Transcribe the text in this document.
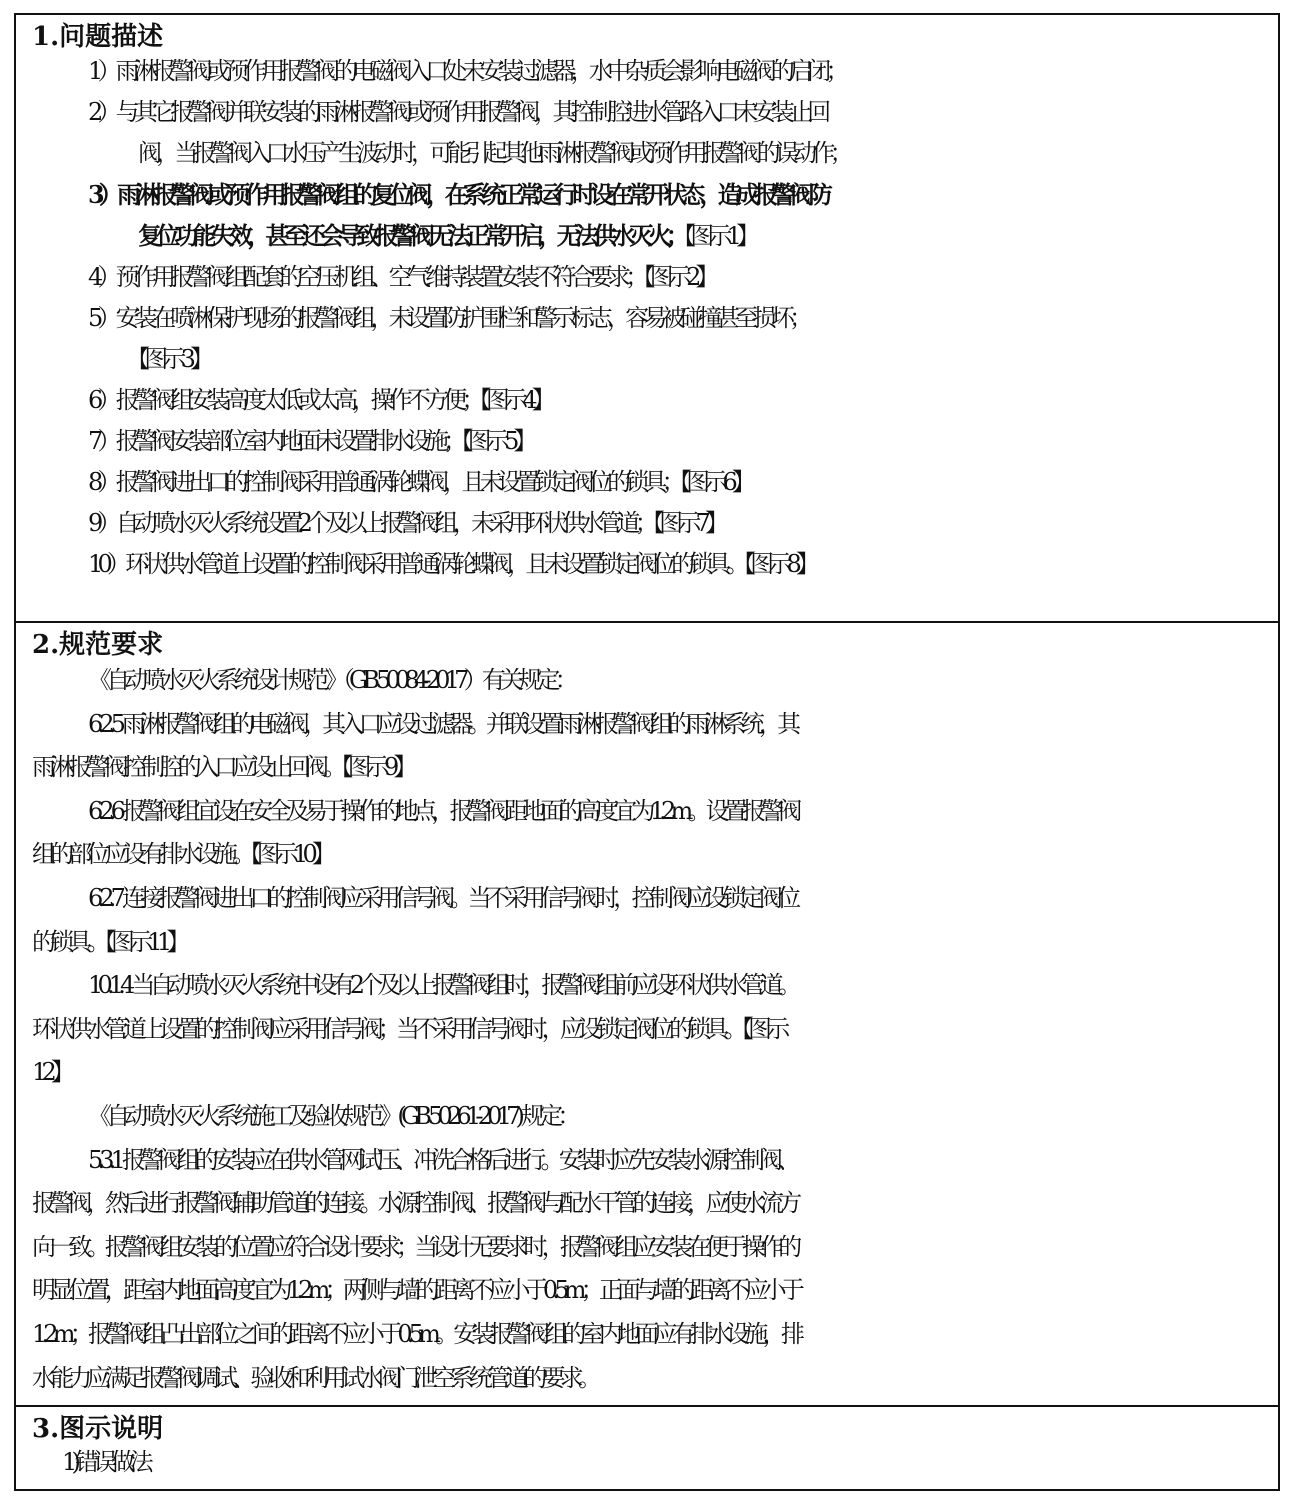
1.问题描述
1）雨淋报警阀或预作用报警阀的电磁阀入口处未安装过滤器，水中杂质会影响电磁阀的启闭；
2）与其它报警阀并联安装的雨淋报警阀或预作用报警阀，其控制腔进水管路入口未安装止回
阀，当报警阀入口水压产生波动时，可能引起其他雨淋报警阀或预作用报警阀的误动作；
3）雨淋报警阀或预作用报警阀组的复位阀，在系统正常运行时设在常开状态，造成报警阀防
复位功能失效，甚至还会导致报警阀无法正常开启，无法供水灭火；【图示1】
4）预作用报警阀组配套的空压机组、空气维持装置安装不符合要求；【图示2】
5）安装在喷淋保护现场的报警阀组，未设置防护围栏和警示标志，容易被碰撞甚至损坏；
【图示3】
6）报警阀组安装高度太低或太高，操作不方便；【图示4】
7）报警阀安装部位室内地面未设置排水设施；【图示5】
8）报警阀进出口的控制阀采用普通涡轮蝶阀，且未设置锁定阀位的锁具；【图示6】
9）自动喷水灭火系统设置2个及以上报警阀组，未采用环状供水管道；【图示7】
10）环状供水管道上设置的控制阀采用普通涡轮蝶阀，且未设置锁定阀位的锁具。【图示8】
2.规范要求
《自动喷水灭火系统设计规范》（GB 50084-2017）有关规定：
6.2.5 雨淋报警阀组的电磁阀，其入口应设过滤器。并联设置雨淋报警阀组的雨淋系统，其
雨淋报警阀控制腔的入口应设止回阀。【图示9】
6.2.6 报警阀组宜设在安全及易于操作的地点，报警阀距地面的高度宜为1.2m。设置报警阀
组的部位应设有排水设施。【图示10】
6.2.7 连接报警阀进出口的控制阀应采用信号阀。当不采用信号阀时，控制阀应设锁定阀位
的锁具。【图示11】
10.1.4 当自动喷水灭火系统中设有2个及以上报警阀组时，报警阀组前应设环状供水管道。
环状供水管道上设置的控制阀应采用信号阀；当不采用信号阀时，应设锁定阀位的锁具。【图示
12】
《自动喷水灭火系统施工及验收规范》(GB 50261-2017) 规定：
5.3.1 报警阀组的安装应在供水管网试压、冲洗合格后进行。安装时应先安装水源控制阀、
报警阀，然后进行报警阀辅助管道的连接。水源控制阀、报警阀与配水干管的连接，应使水流方
向一致。报警阀组安装的位置应符合设计要求；当设计无要求时，报警阀组应安装在便于操作的
明显位置，距室内地面高度宜为1.2m；两侧与墙的距离不应小于0.5m；正面与墙的距离不应小于
1.2m；报警阀组凸出部位之间的距离不应小于0.5m。安装报警阀组的室内地面应有排水设施，排
水能力应满足报警阀调试、验收和利用试水阀门泄空系统管道的要求。
3.图示说明
1)错误做法
